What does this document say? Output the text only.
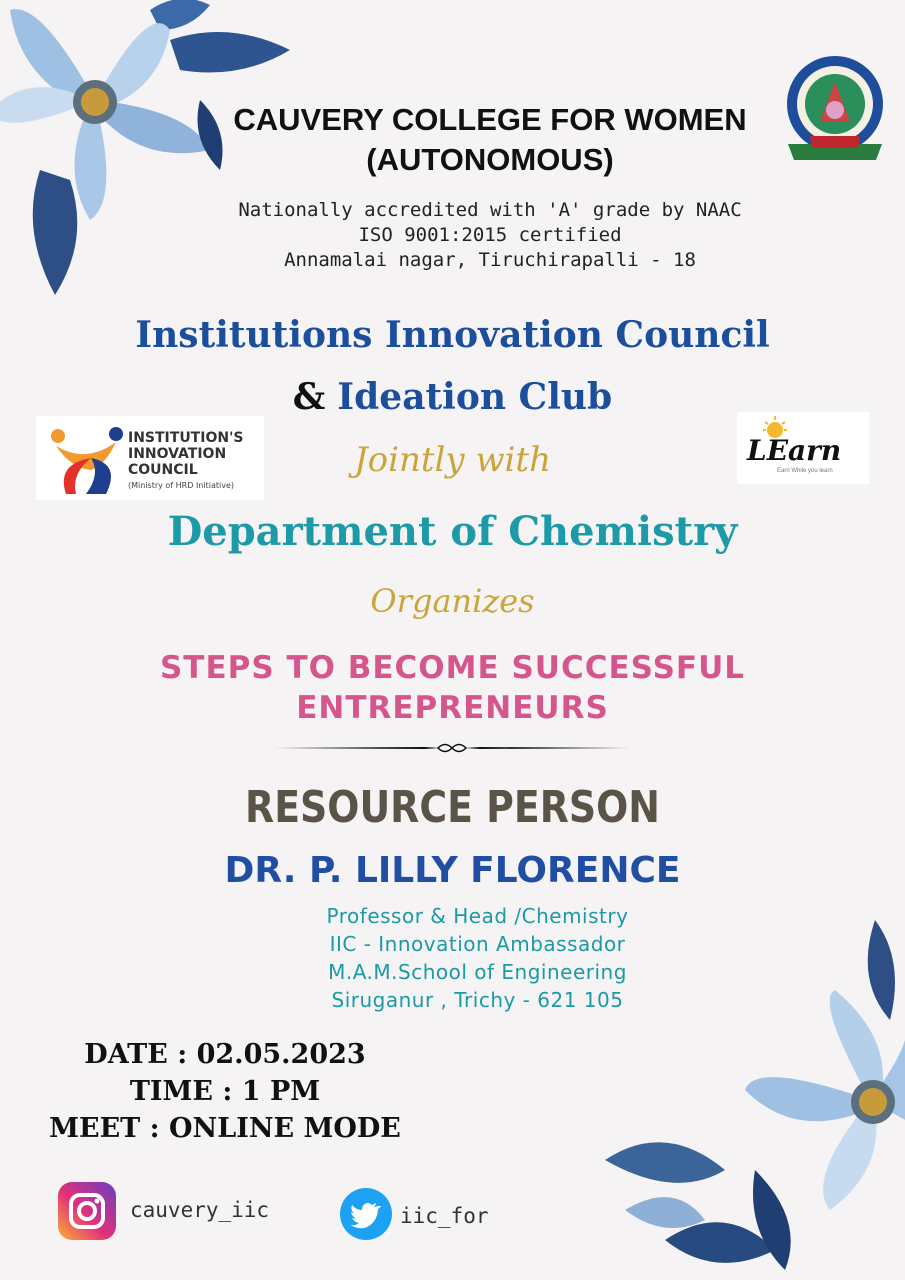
CAUVERY COLLEGE FOR WOMEN
(AUTONOMOUS)
Nationally accredited with 'A' grade by NAAC
ISO 9001:2015 certified
Annamalai nagar, Tiruchirapalli - 18
Institutions Innovation Council
& Ideation Club
INSTITUTION'S
INNOVATION
COUNCIL
(Ministry of HRD Initiative)
LEarn
Earn While you learn
Jointly with
Department of Chemistry
Organizes
STEPS TO BECOME SUCCESSFUL
ENTREPRENEURS
RESOURCE PERSON
DR. P. LILLY FLORENCE
Professor & Head /Chemistry
IIC - Innovation Ambassador
M.A.M.School of Engineering
Siruganur , Trichy - 621 105
DATE : 02.05.2023
TIME : 1 PM
MEET : ONLINE MODE
cauvery_iic	iic_for
